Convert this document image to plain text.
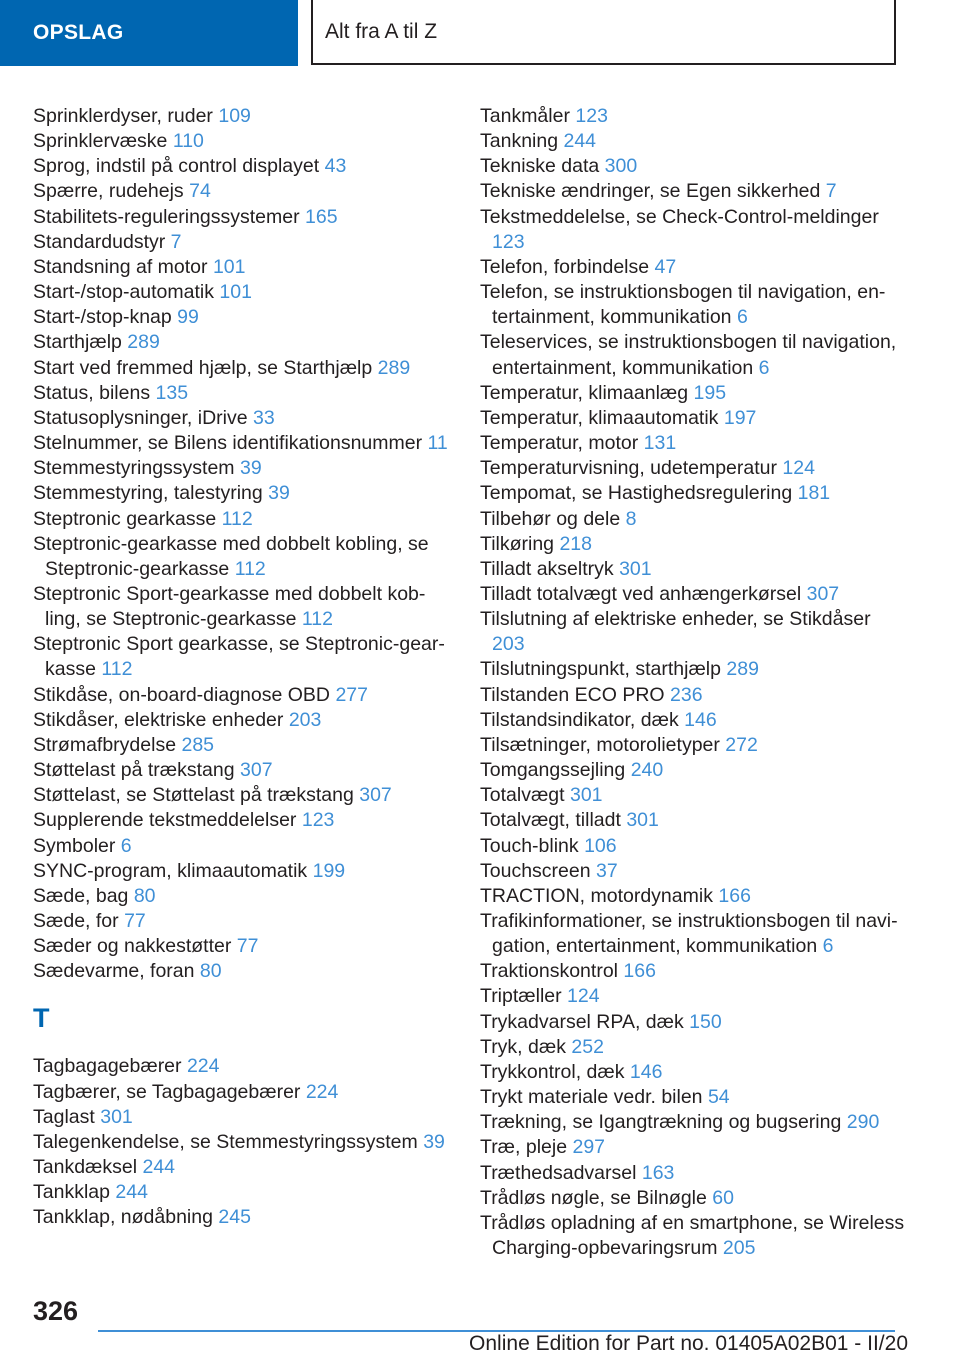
OPSLAG	Alt fra A til Z
Sprinklerdyser, ruder 109
Sprinklervæske 110
Sprog, indstil på control displayet 43
Spærre, rudehejs 74
Stabilitets-reguleringssystemer 165
Standardudstyr 7
Standsning af motor 101
Start-/stop-automatik 101
Start-/stop-knap 99
Starthjælp 289
Start ved fremmed hjælp, se Starthjælp 289
Status, bilens 135
Statusoplysninger, iDrive 33
Stelnummer, se Bilens identifikationsnummer 11
Stemmestyringssystem 39
Stemmestyring, talestyring 39
Steptronic gearkasse 112
Steptronic-gearkasse med dobbelt kobling, se Steptronic-gearkasse 112
Steptronic Sport-gearkasse med dobbelt kobling, se Steptronic-gearkasse 112
Steptronic Sport gearkasse, se Steptronic-gearkasse 112
Stikdåse, on-board-diagnose OBD 277
Stikdåser, elektriske enheder 203
Strømafbrydelse 285
Støttelast på trækstang 307
Støttelast, se Støttelast på trækstang 307
Supplerende tekstmeddelelser 123
Symboler 6
SYNC-program, klimaautomatik 199
Sæde, bag 80
Sæde, for 77
Sæder og nakkestøtter 77
Sædevarme, foran 80
T
Tagbagagebærer 224
Tagbærer, se Tagbagagebærer 224
Taglast 301
Talegenkendelse, se Stemmestyringssystem 39
Tankdæksel 244
Tankklap 244
Tankklap, nødåbning 245
Tankmåler 123
Tankning 244
Tekniske data 300
Tekniske ændringer, se Egen sikkerhed 7
Tekstmeddelelse, se Check-Control-meldinger 123
Telefon, forbindelse 47
Telefon, se instruktionsbogen til navigation, entertainment, kommunikation 6
Teleservices, se instruktionsbogen til navigation, entertainment, kommunikation 6
Temperatur, klimaanlæg 195
Temperatur, klimaautomatik 197
Temperatur, motor 131
Temperaturvisning, udetemperatur 124
Tempomat, se Hastighedsregulering 181
Tilbehør og dele 8
Tilkøring 218
Tilladt akseltryk 301
Tilladt totalvægt ved anhængerkørsel 307
Tilslutning af elektriske enheder, se Stikdåser 203
Tilslutningspunkt, starthjælp 289
Tilstanden ECO PRO 236
Tilstandsindikator, dæk 146
Tilsætninger, motorolietyper 272
Tomgangssejling 240
Totalvægt 301
Totalvægt, tilladt 301
Touch-blink 106
Touchscreen 37
TRACTION, motordynamik 166
Trafikinformationer, se instruktionsbogen til navigation, entertainment, kommunikation 6
Traktionskontrol 166
Triptæller 124
Trykadvarsel RPA, dæk 150
Tryk, dæk 252
Trykkontrol, dæk 146
Trykt materiale vedr. bilen 54
Trækning, se Igangtrækning og bugsering 290
Træ, pleje 297
Træthedsadvarsel 163
Trådløs nøgle, se Bilnøgle 60
Trådløs opladning af en smartphone, se Wireless Charging-opbevaringsrum 205
326
Online Edition for Part no. 01405A02B01 - II/20
